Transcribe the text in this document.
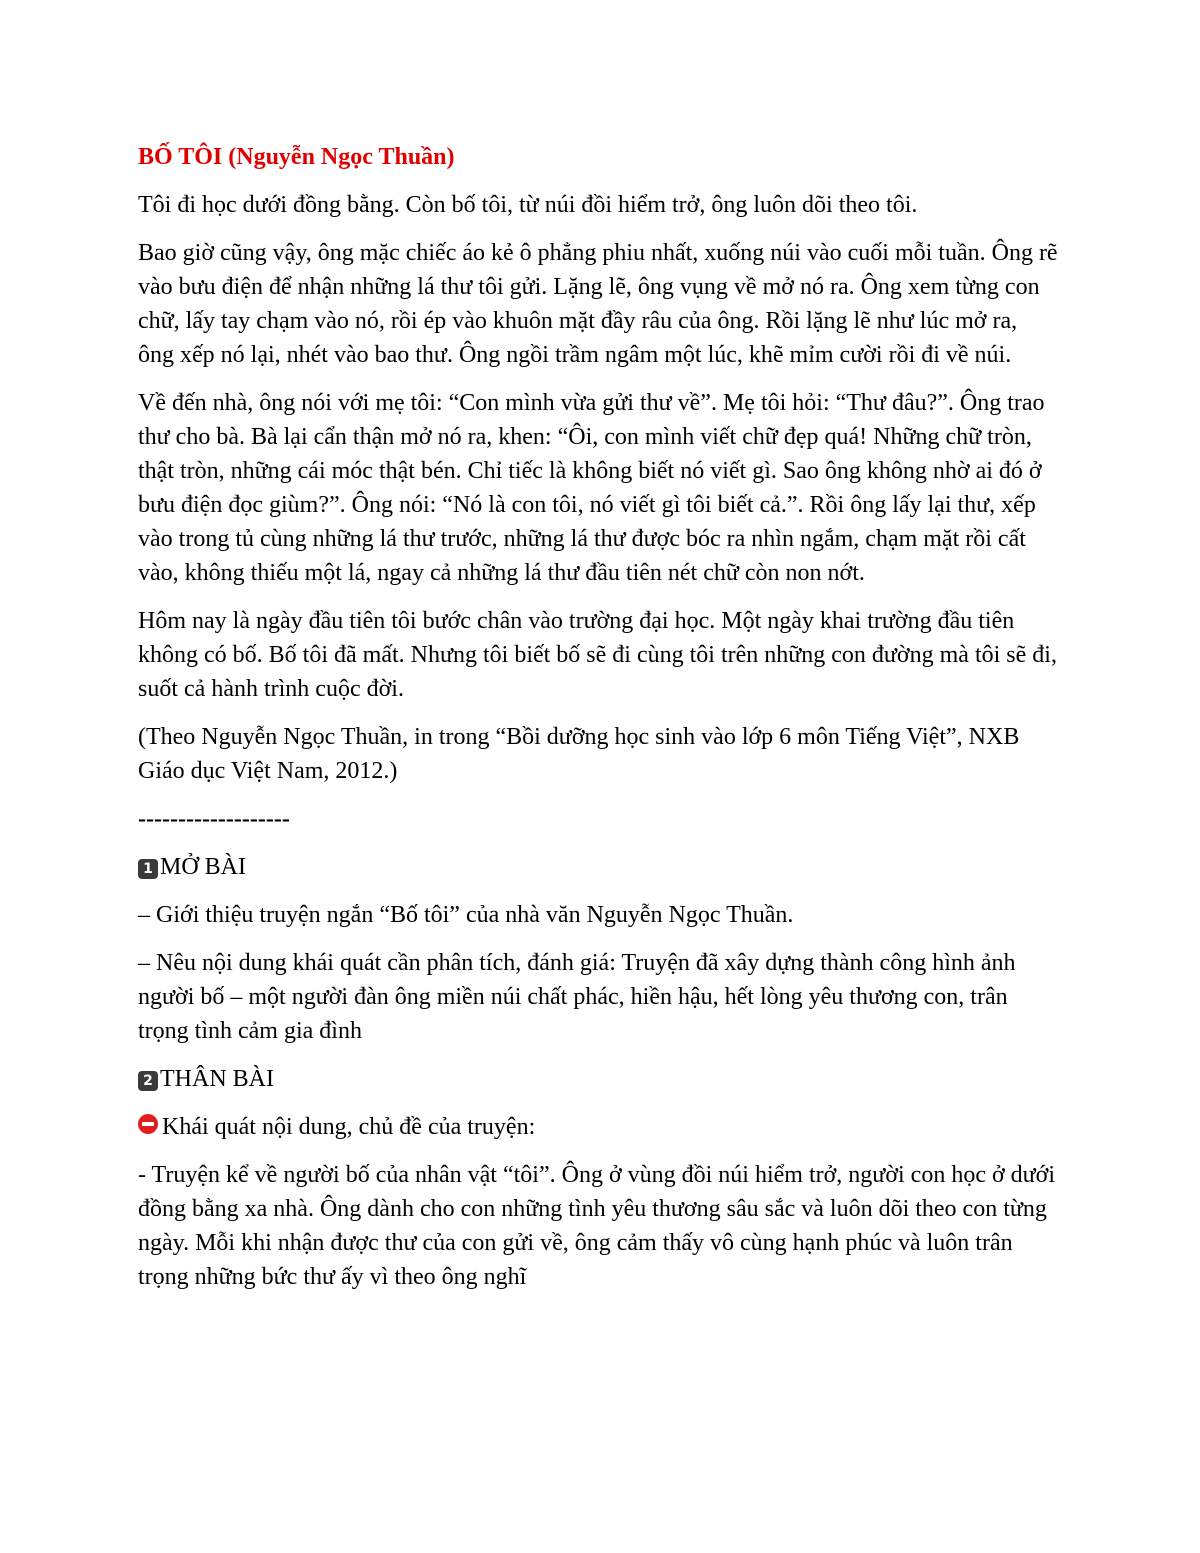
BỐ TÔI (Nguyễn Ngọc Thuần)

Tôi đi học dưới đồng bằng. Còn bố tôi, từ núi đồi hiểm trở, ông luôn dõi theo tôi.

Bao giờ cũng vậy, ông mặc chiếc áo kẻ ô phẳng phiu nhất, xuống núi vào cuối mỗi tuần. Ông rẽ vào bưu điện để nhận những lá thư tôi gửi. Lặng lẽ, ông vụng về mở nó ra. Ông xem từng con chữ, lấy tay chạm vào nó, rồi ép vào khuôn mặt đầy râu của ông. Rồi lặng lẽ như lúc mở ra, ông xếp nó lại, nhét vào bao thư. Ông ngồi trầm ngâm một lúc, khẽ mỉm cười rồi đi về núi.

Về đến nhà, ông nói với mẹ tôi: “Con mình vừa gửi thư về”. Mẹ tôi hỏi: “Thư đâu?”. Ông trao thư cho bà. Bà lại cẩn thận mở nó ra, khen: “Ôi, con mình viết chữ đẹp quá! Những chữ tròn, thật tròn, những cái móc thật bén. Chỉ tiếc là không biết nó viết gì. Sao ông không nhờ ai đó ở bưu điện đọc giùm?”. Ông nói: “Nó là con tôi, nó viết gì tôi biết cả.”. Rồi ông lấy lại thư, xếp vào trong tủ cùng những lá thư trước, những lá thư được bóc ra nhìn ngắm, chạm mặt rồi cất vào, không thiếu một lá, ngay cả những lá thư đầu tiên nét chữ còn non nớt.

Hôm nay là ngày đầu tiên tôi bước chân vào trường đại học. Một ngày khai trường đầu tiên không có bố. Bố tôi đã mất. Nhưng tôi biết bố sẽ đi cùng tôi trên những con đường mà tôi sẽ đi, suốt cả hành trình cuộc đời.

(Theo Nguyễn Ngọc Thuần, in trong “Bồi dưỡng học sinh vào lớp 6 môn Tiếng Việt”, NXB Giáo dục Việt Nam, 2012.)

-------------------

1 MỞ BÀI

– Giới thiệu truyện ngắn “Bố tôi” của nhà văn Nguyễn Ngọc Thuần.

– Nêu nội dung khái quát cần phân tích, đánh giá: Truyện đã xây dựng thành công hình ảnh người bố – một người đàn ông miền núi chất phác, hiền hậu, hết lòng yêu thương con, trân trọng tình cảm gia đình

2 THÂN BÀI

Khái quát nội dung, chủ đề của truyện:

- Truyện kể về người bố của nhân vật “tôi”. Ông ở vùng đồi núi hiểm trở, người con học ở dưới đồng bằng xa nhà. Ông dành cho con những tình yêu thương sâu sắc và luôn dõi theo con từng ngày. Mỗi khi nhận được thư của con gửi về, ông cảm thấy vô cùng hạnh phúc và luôn trân trọng những bức thư ấy vì theo ông nghĩ
